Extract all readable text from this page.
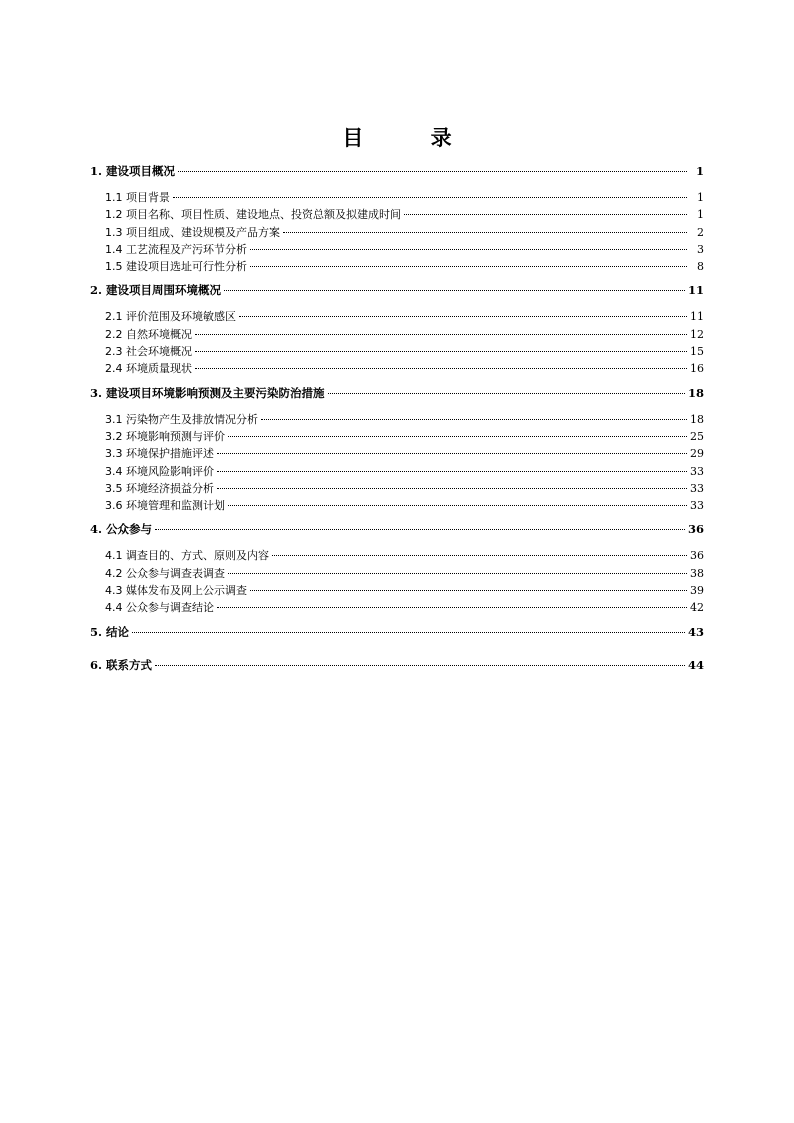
目 录
1. 建设项目概况	1
1.1 项目背景	1
1.2 项目名称、项目性质、建设地点、投资总额及拟建成时间	1
1.3 项目组成、建设规模及产品方案	2
1.4 工艺流程及产污环节分析	3
1.5 建设项目选址可行性分析	8
2. 建设项目周围环境概况	11
2.1 评价范围及环境敏感区	11
2.2 自然环境概况	12
2.3 社会环境概况	15
2.4 环境质量现状	16
3. 建设项目环境影响预测及主要污染防治措施	18
3.1 污染物产生及排放情况分析	18
3.2 环境影响预测与评价	25
3.3 环境保护措施评述	29
3.4 环境风险影响评价	33
3.5 环境经济损益分析	33
3.6 环境管理和监测计划	33
4. 公众参与	36
4.1 调查目的、方式、原则及内容	36
4.2 公众参与调查表调查	38
4.3 媒体发布及网上公示调查	39
4.4 公众参与调查结论	42
5. 结论	43
6. 联系方式	44
